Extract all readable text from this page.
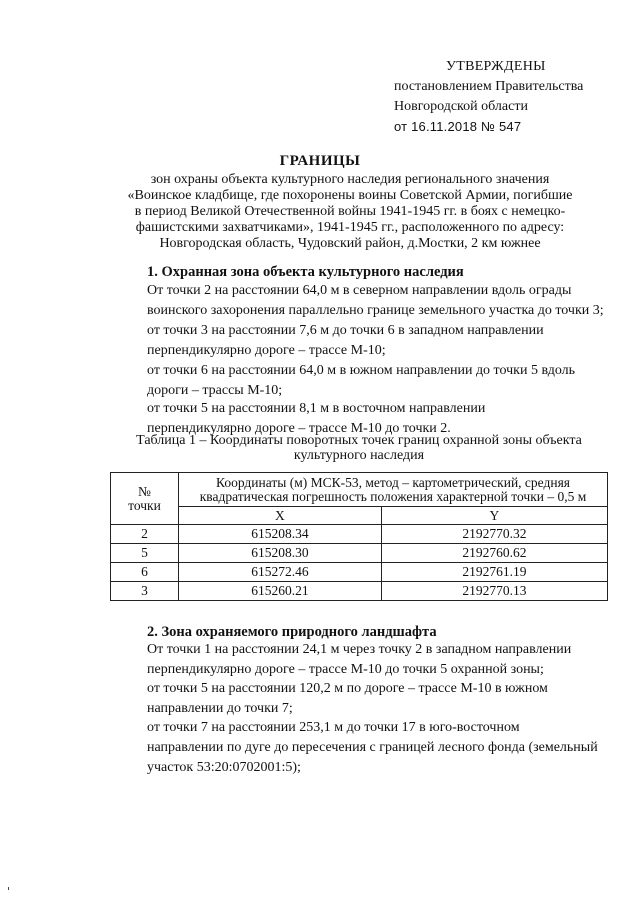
УТВЕРЖДЕНЫ
постановлением Правительства
Новгородской области
от 16.11.2018 № 547
ГРАНИЦЫ
зон охраны объекта культурного наследия регионального значения
«Воинское кладбище, где похоронены воины Советской Армии, погибшие
в период Великой Отечественной войны 1941-1945 гг. в боях с немецко-
фашистскими захватчиками», 1941-1945 гг., расположенного по адресу:
Новгородская область, Чудовский район, д.Мостки, 2 км южнее
1. Охранная зона объекта культурного наследия
От точки 2 на расстоянии 64,0 м в северном направлении вдоль ограды
воинского захоронения параллельно границе земельного участка до точки 3;
от точки 3 на расстоянии 7,6 м до точки 6 в западном направлении
перпендикулярно дороге – трассе М-10;
от точки 6 на расстоянии 64,0 м в южном направлении до точки 5 вдоль
дороги – трассы М-10;
от точки 5 на расстоянии 8,1 м в восточном направлении
перпендикулярно дороге – трассе М-10 до точки 2.
Таблица 1 – Координаты поворотных точек границ охранной зоны объекта
культурного наследия
№
точки	Координаты (м) МСК-53, метод – картометрический, средняя
квадратическая погрешность положения характерной точки – 0,5 м	
	X	Y
2	615208.34	2192770.32
5	615208.30	2192760.62
6	615272.46	2192761.19
3	615260.21	2192770.13
2. Зона охраняемого природного ландшафта
От точки 1 на расстоянии 24,1 м через точку 2 в западном направлении
перпендикулярно дороге – трассе М-10 до точки 5 охранной зоны;
от точки 5 на расстоянии 120,2 м по дороге – трассе М-10 в южном
направлении до точки 7;
от точки 7 на расстоянии 253,1 м до точки 17 в юго-восточном
направлении по дуге до пересечения с границей лесного фонда (земельный
участок 53:20:0702001:5);
